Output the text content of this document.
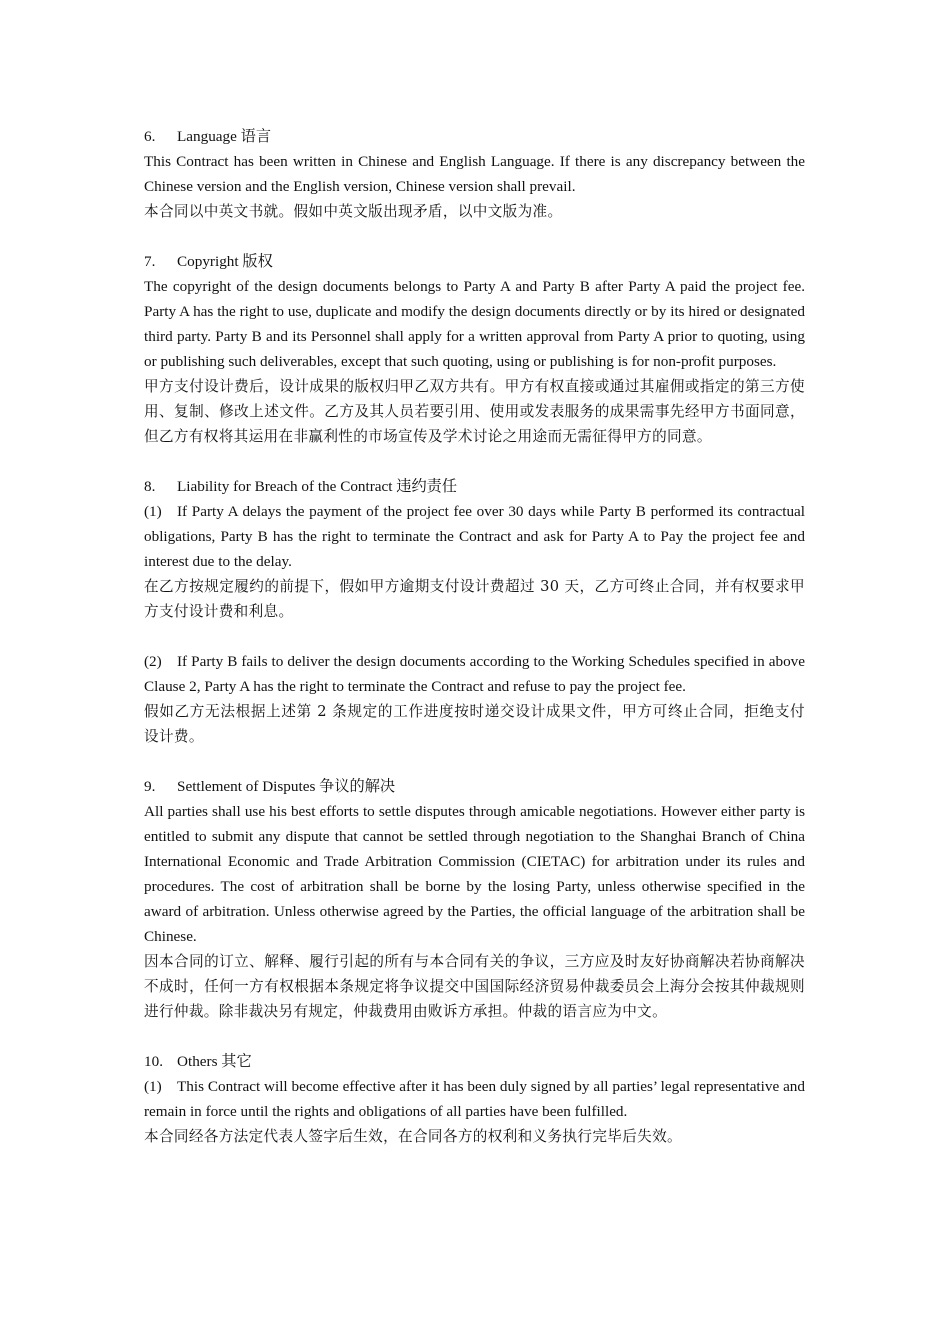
6. Language 语言

This Contract has been written in Chinese and English Language. If there is any discrepancy between the Chinese version and the English version, Chinese version shall prevail.

本合同以中英文书就。假如中英文版出现矛盾，以中文版为准。

7. Copyright 版权

The copyright of the design documents belongs to Party A and Party B after Party A paid the project fee. Party A has the right to use, duplicate and modify the design documents directly or by its hired or designated third party. Party B and its Personnel shall apply for a written approval from Party A prior to quoting, using or publishing such deliverables, except that such quoting, using or publishing is for non-profit purposes.

甲方支付设计费后，设计成果的版权归甲乙双方共有。甲方有权直接或通过其雇佣或指定的第三方使用、复制、修改上述文件。乙方及其人员若要引用、使用或发表服务的成果需事先经甲方书面同意，但乙方有权将其运用在非赢利性的市场宣传及学术讨论之用途而无需征得甲方的同意。

8. Liability for Breach of the Contract 违约责任

(1) If Party A delays the payment of the project fee over 30 days while Party B performed its contractual obligations, Party B has the right to terminate the Contract and ask for Party A to Pay the project fee and interest due to the delay.

在乙方按规定履约的前提下，假如甲方逾期支付设计费超过 30 天，乙方可终止合同，并有权要求甲方支付设计费和利息。

(2) If Party B fails to deliver the design documents according to the Working Schedules specified in above Clause 2, Party A has the right to terminate the Contract and refuse to pay the project fee.

假如乙方无法根据上述第 2 条规定的工作进度按时递交设计成果文件，甲方可终止合同，拒绝支付设计费。

9. Settlement of Disputes 争议的解决

All parties shall use his best efforts to settle disputes through amicable negotiations. However either party is entitled to submit any dispute that cannot be settled through negotiation to the Shanghai Branch of China International Economic and Trade Arbitration Commission (CIETAC) for arbitration under its rules and procedures. The cost of arbitration shall be borne by the losing Party, unless otherwise specified in the award of arbitration. Unless otherwise agreed by the Parties, the official language of the arbitration shall be Chinese.

因本合同的订立、解释、履行引起的所有与本合同有关的争议，三方应及时友好协商解决若协商解决不成时，任何一方有权根据本条规定将争议提交中国国际经济贸易仲裁委员会上海分会按其仲裁规则进行仲裁。除非裁决另有规定，仲裁费用由败诉方承担。仲裁的语言应为中文。

10. Others 其它

(1) This Contract will become effective after it has been duly signed by all parties’ legal representative and remain in force until the rights and obligations of all parties have been fulfilled.

本合同经各方法定代表人签字后生效，在合同各方的权利和义务执行完毕后失效。
